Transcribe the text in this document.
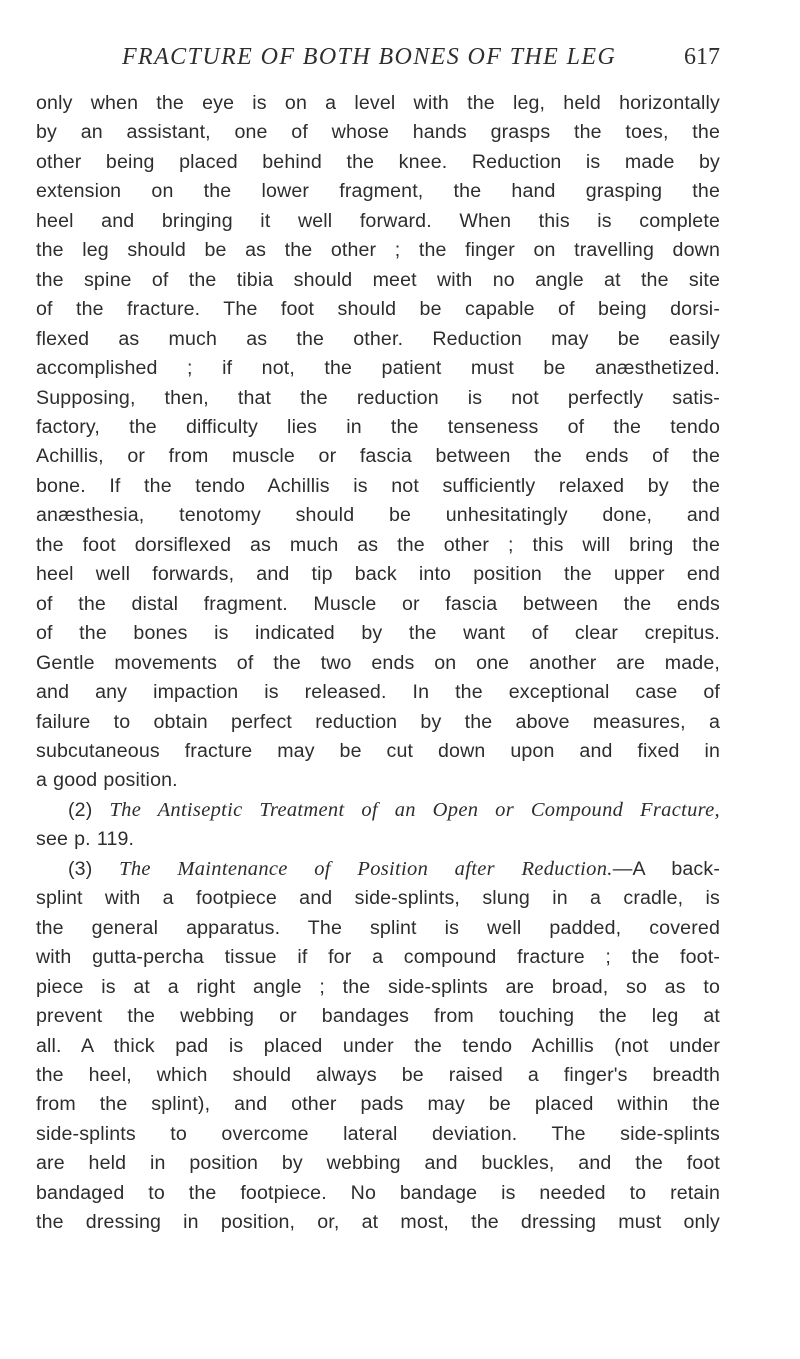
FRACTURE OF BOTH BONES OF THE LEG	617

only when the eye is on a level with the leg, held horizontally

by an assistant, one of whose hands grasps the toes, the

other being placed behind the knee. Reduction is made by

extension on the lower fragment, the hand grasping the

heel and bringing it well forward. When this is complete

the leg should be as the other ; the finger on travelling down

the spine of the tibia should meet with no angle at the site

of the fracture. The foot should be capable of being dorsi-

flexed as much as the other. Reduction may be easily

accomplished ; if not, the patient must be anæsthetized.

Supposing, then, that the reduction is not perfectly satis-

factory, the difficulty lies in the tenseness of the tendo

Achillis, or from muscle or fascia between the ends of the

bone. If the tendo Achillis is not sufficiently relaxed by the

anæsthesia, tenotomy should be unhesitatingly done, and

the foot dorsiflexed as much as the other ; this will bring the

heel well forwards, and tip back into position the upper end

of the distal fragment. Muscle or fascia between the ends

of the bones is indicated by the want of clear crepitus.

Gentle movements of the two ends on one another are made,

and any impaction is released. In the exceptional case of

failure to obtain perfect reduction by the above measures, a

subcutaneous fracture may be cut down upon and fixed in

a good position.

(2) The Antiseptic Treatment of an Open or Compound Fracture,

see p. 119.

(3) The Maintenance of Position after Reduction.—A back-

splint with a footpiece and side-splints, slung in a cradle, is

the general apparatus. The splint is well padded, covered

with gutta-percha tissue if for a compound fracture ; the foot-

piece is at a right angle ; the side-splints are broad, so as to

prevent the webbing or bandages from touching the leg at

all. A thick pad is placed under the tendo Achillis (not under

the heel, which should always be raised a finger's breadth

from the splint), and other pads may be placed within the

side-splints to overcome lateral deviation. The side-splints

are held in position by webbing and buckles, and the foot

bandaged to the footpiece. No bandage is needed to retain

the dressing in position, or, at most, the dressing must only
